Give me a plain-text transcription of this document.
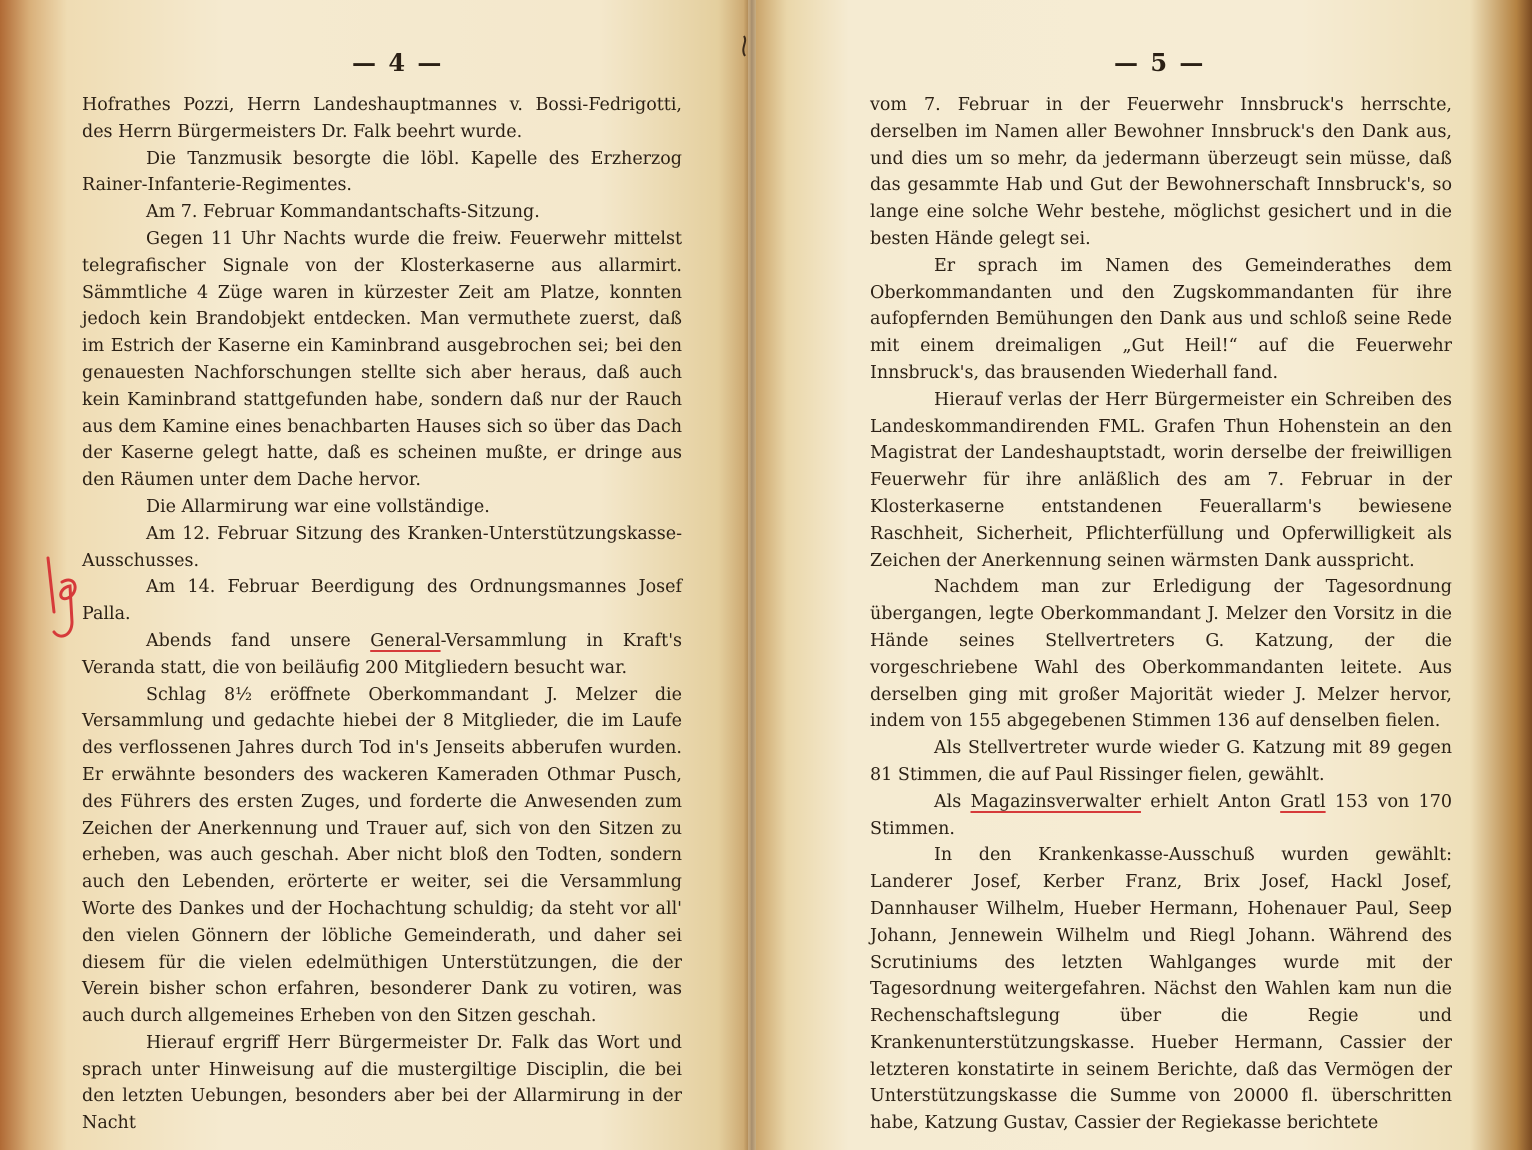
— 4 —

Hofrathes Pozzi, Herrn Landeshauptmannes v. Bossi-Fedrigotti, des Herrn Bürgermeisters Dr. Falk beehrt wurde.

Die Tanzmusik besorgte die löbl. Kapelle des Erzherzog Rainer-Infanterie-Regimentes.

Am 7. Februar Kommandantschafts-Sitzung.

Gegen 11 Uhr Nachts wurde die freiw. Feuerwehr mittelst telegrafischer Signale von der Klosterkaserne aus allarmirt. Sämmtliche 4 Züge waren in kürzester Zeit am Platze, konnten jedoch kein Brandobjekt entdecken. Man vermuthete zuerst, daß im Estrich der Kaserne ein Kaminbrand ausgebrochen sei; bei den genauesten Nachforschungen stellte sich aber heraus, daß auch kein Kaminbrand stattgefunden habe, sondern daß nur der Rauch aus dem Kamine eines benachbarten Hauses sich so über das Dach der Kaserne gelegt hatte, daß es scheinen mußte, er dringe aus den Räumen unter dem Dache hervor.

Die Allarmirung war eine vollständige.

Am 12. Februar Sitzung des Kranken-Unterstützungskasse-Ausschusses.

Am 14. Februar Beerdigung des Ordnungsmannes Josef Palla.

Abends fand unsere General-Versammlung in Kraft's Veranda statt, die von beiläufig 200 Mitgliedern besucht war.

Schlag 8½ eröffnete Oberkommandant J. Melzer die Versammlung und gedachte hiebei der 8 Mitglieder, die im Laufe des verflossenen Jahres durch Tod in's Jenseits abberufen wurden. Er erwähnte besonders des wackeren Kameraden Othmar Pusch, des Führers des ersten Zuges, und forderte die Anwesenden zum Zeichen der Anerkennung und Trauer auf, sich von den Sitzen zu erheben, was auch geschah. Aber nicht bloß den Todten, sondern auch den Lebenden, erörterte er weiter, sei die Versammlung Worte des Dankes und der Hochachtung schuldig; da steht vor all' den vielen Gönnern der löbliche Gemeinderath, und daher sei diesem für die vielen edelmüthigen Unterstützungen, die der Verein bisher schon erfahren, besonderer Dank zu votiren, was auch durch allgemeines Erheben von den Sitzen geschah.

Hierauf ergriff Herr Bürgermeister Dr. Falk das Wort und sprach unter Hinweisung auf die mustergiltige Disciplin, die bei den letzten Uebungen, besonders aber bei der Allarmirung in der Nacht

— 5 —

vom 7. Februar in der Feuerwehr Innsbruck's herrschte, derselben im Namen aller Bewohner Innsbruck's den Dank aus, und dies um so mehr, da jedermann überzeugt sein müsse, daß das gesammte Hab und Gut der Bewohnerschaft Innsbruck's, so lange eine solche Wehr bestehe, möglichst gesichert und in die besten Hände gelegt sei.

Er sprach im Namen des Gemeinderathes dem Oberkommandanten und den Zugskommandanten für ihre aufopfernden Bemühungen den Dank aus und schloß seine Rede mit einem dreimaligen „Gut Heil!“ auf die Feuerwehr Innsbruck's, das brausenden Wiederhall fand.

Hierauf verlas der Herr Bürgermeister ein Schreiben des Landeskommandirenden FML. Grafen Thun Hohenstein an den Magistrat der Landeshauptstadt, worin derselbe der freiwilligen Feuerwehr für ihre anläßlich des am 7. Februar in der Klosterkaserne entstandenen Feuerallarm's bewiesene Raschheit, Sicherheit, Pflichterfüllung und Opferwilligkeit als Zeichen der Anerkennung seinen wärmsten Dank ausspricht.

Nachdem man zur Erledigung der Tagesordnung übergangen, legte Oberkommandant J. Melzer den Vorsitz in die Hände seines Stellvertreters G. Katzung, der die vorgeschriebene Wahl des Oberkommandanten leitete. Aus derselben ging mit großer Majorität wieder J. Melzer hervor, indem von 155 abgegebenen Stimmen 136 auf denselben fielen.

Als Stellvertreter wurde wieder G. Katzung mit 89 gegen 81 Stimmen, die auf Paul Rissinger fielen, gewählt.

Als Magazinsverwalter erhielt Anton Gratl 153 von 170 Stimmen.

In den Krankenkasse-Ausschuß wurden gewählt: Landerer Josef, Kerber Franz, Brix Josef, Hackl Josef, Dannhauser Wilhelm, Hueber Hermann, Hohenauer Paul, Seep Johann, Jennewein Wilhelm und Riegl Johann. Während des Scrutiniums des letzten Wahlganges wurde mit der Tagesordnung weitergefahren. Nächst den Wahlen kam nun die Rechenschaftslegung über die Regie und Krankenunterstützungskasse. Hueber Hermann, Cassier der letzteren konstatirte in seinem Berichte, daß das Vermögen der Unterstützungskasse die Summe von 20000 fl. überschritten habe, Katzung Gustav, Cassier der Regiekasse berichtete
